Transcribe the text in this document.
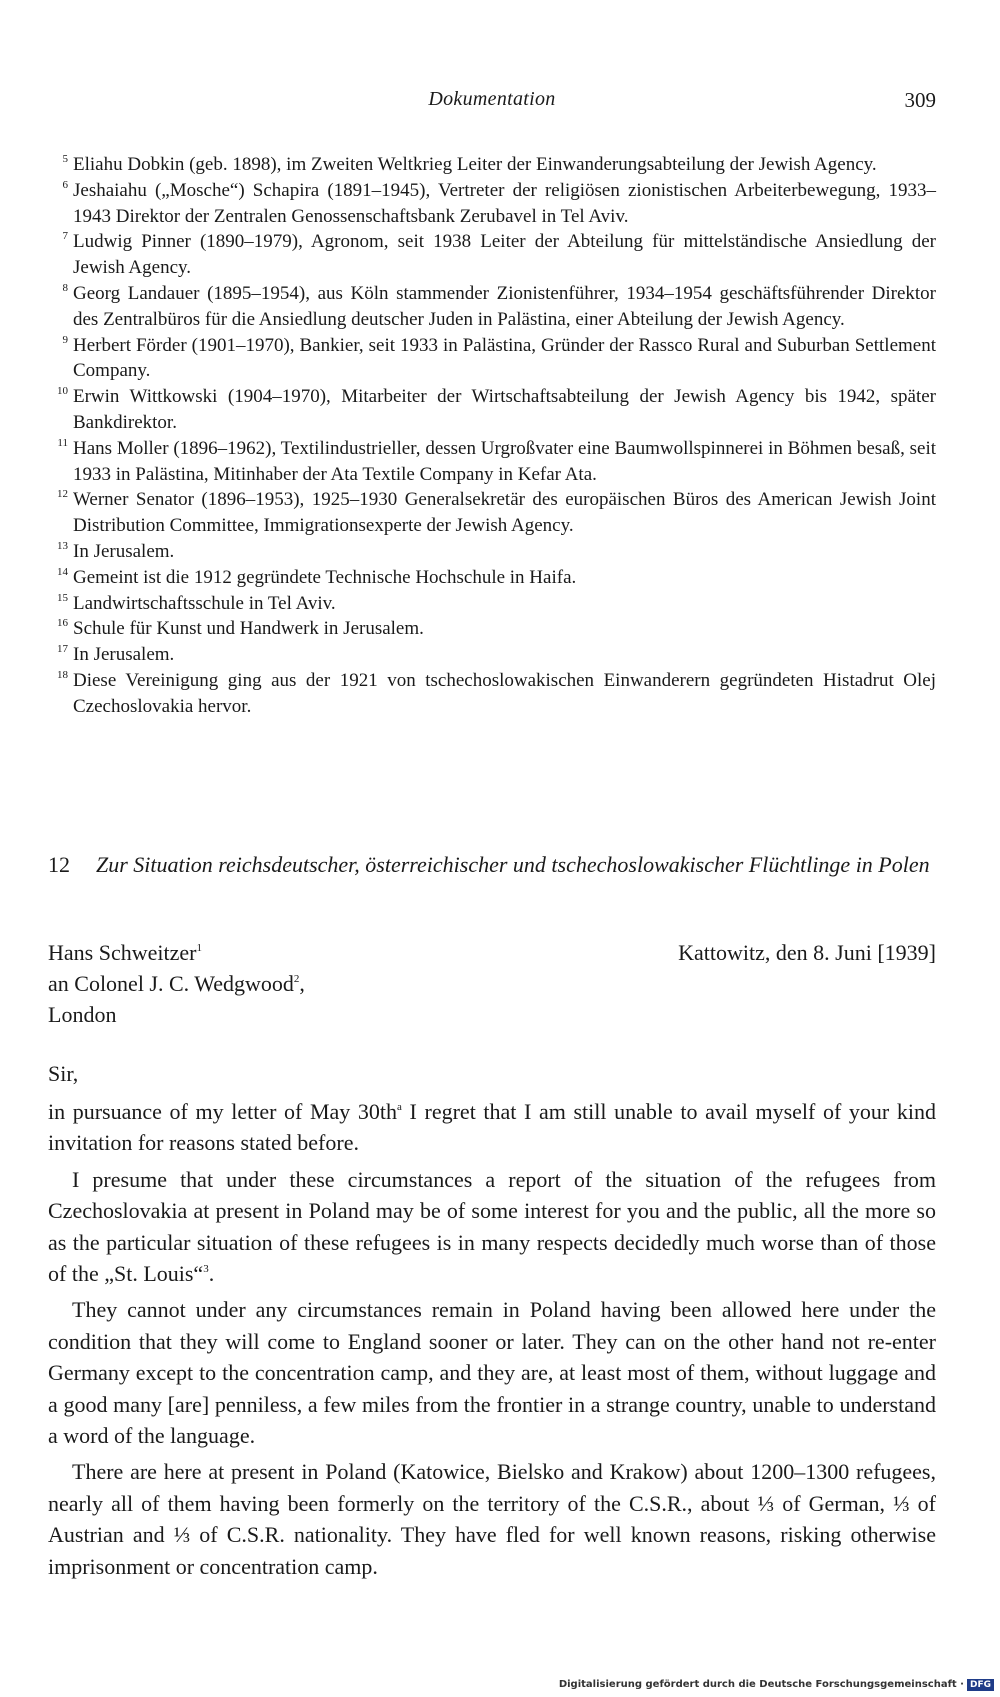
Dokumentation	309
5 Eliahu Dobkin (geb. 1898), im Zweiten Weltkrieg Leiter der Einwanderungsabteilung der Jewish Agency.
6 Jeshaiahu („Mosche“) Schapira (1891–1945), Vertreter der religiösen zionistischen Arbeiterbewegung, 1933–1943 Direktor der Zentralen Genossenschaftsbank Zerubavel in Tel Aviv.
7 Ludwig Pinner (1890–1979), Agronom, seit 1938 Leiter der Abteilung für mittelständische Ansiedlung der Jewish Agency.
8 Georg Landauer (1895–1954), aus Köln stammender Zionistenführer, 1934–1954 geschäftsführender Direktor des Zentralbüros für die Ansiedlung deutscher Juden in Palästina, einer Abteilung der Jewish Agency.
9 Herbert Förder (1901–1970), Bankier, seit 1933 in Palästina, Gründer der Rassco Rural and Suburban Settlement Company.
10 Erwin Wittkowski (1904–1970), Mitarbeiter der Wirtschaftsabteilung der Jewish Agency bis 1942, später Bankdirektor.
11 Hans Moller (1896–1962), Textilindustrieller, dessen Urgroßvater eine Baumwollspinnerei in Böhmen besaß, seit 1933 in Palästina, Mitinhaber der Ata Textile Company in Kefar Ata.
12 Werner Senator (1896–1953), 1925–1930 Generalsekretär des europäischen Büros des American Jewish Joint Distribution Committee, Immigrationsexperte der Jewish Agency.
13 In Jerusalem.
14 Gemeint ist die 1912 gegründete Technische Hochschule in Haifa.
15 Landwirtschaftsschule in Tel Aviv.
16 Schule für Kunst und Handwerk in Jerusalem.
17 In Jerusalem.
18 Diese Vereinigung ging aus der 1921 von tschechoslowakischen Einwanderern gegründeten Histadrut Olej Czechoslovakia hervor.
12	Zur Situation reichsdeutscher, österreichischer und tschechoslowakischer Flüchtlinge in Polen
Hans Schweitzer$^1$
an Colonel J. C. Wedgwood$^2$,
London
Kattowitz, den 8. Juni [1939]
Sir,

in pursuance of my letter of May $30th^a$ I regret that I am still unable to avail myself of your kind invitation for reasons stated before.

I presume that under these circumstances a report of the situation of the refugees from Czechoslovakia at present in Poland may be of some interest for you and the public, all the more so as the particular situation of these refugees is in many respects decidedly much worse than of those of the „St. Louis“$^3$.

They cannot under any circumstances remain in Poland having been allowed here under the condition that they will come to England sooner or later. They can on the other hand not re-enter Germany except to the concentration camp, and they are, at least most of them, without luggage and a good many [are] penniless, a few miles from the frontier in a strange country, unable to understand a word of the language.

There are here at present in Poland (Katowice, Bielsko and Krakow) about 1200–1300 refugees, nearly all of them having been formerly on the territory of the C.S.R., about ⅓ of German, ⅓ of Austrian and ⅓ of C.S.R. nationality. They have fled for well known reasons, risking otherwise imprisonment or concentration camp.

Digitalisierung gefördert durch die Deutsche Forschungsgemeinschaft · DFG
